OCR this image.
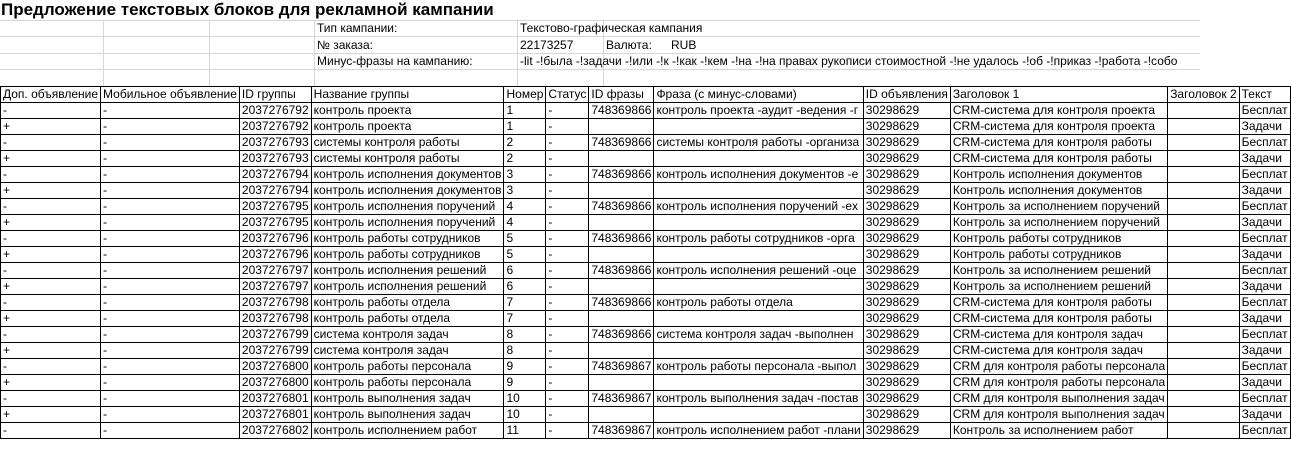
Предложение текстовых блоков для рекламной кампании
Тип кампании:	Текстово-графическая кампания
№ заказа:	22173257	Валюта: RUB
Минус-фразы на кампанию:	-lit -!была -!задачи -!или -!к -!как -!кем -!на -!на правах рукописи стоимостной -!не удалось -!об -!приказ -!работа -!собо
Доп. объявление	Мобильное объявление	ID группы	Название группы	Номер	Статус	ID фразы	Фраза (с минус-словами)	ID объявления	Заголовок 1	Заголовок 2	Текст
-	-	2037276792	контроль проекта	1	-	748369866	контроль проекта -аудит -ведения -г	30298629	CRM-система для контроля проекта		Бесплат
+	-	2037276792	контроль проекта	1	-			30298629	CRM-система для контроля проекта		Задачи
-	-	2037276793	системы контроля работы	2	-	748369866	системы контроля работы -организа	30298629	CRM-система для контроля работы		Бесплат
+	-	2037276793	системы контроля работы	2	-			30298629	CRM-система для контроля работы		Задачи
-	-	2037276794	контроль исполнения документов	3	-	748369866	контроль исполнения документов -е	30298629	Контроль исполнения документов		Бесплат
+	-	2037276794	контроль исполнения документов	3	-			30298629	Контроль исполнения документов		Задачи
-	-	2037276795	контроль исполнения поручений	4	-	748369866	контроль исполнения поручений -ex	30298629	Контроль за исполнением поручений		Бесплат
+	-	2037276795	контроль исполнения поручений	4	-			30298629	Контроль за исполнением поручений		Задачи
-	-	2037276796	контроль работы сотрудников	5	-	748369866	контроль работы сотрудников -орга	30298629	Контроль работы сотрудников		Бесплат
+	-	2037276796	контроль работы сотрудников	5	-			30298629	Контроль работы сотрудников		Задачи
-	-	2037276797	контроль исполнения решений	6	-	748369866	контроль исполнения решений -оце	30298629	Контроль за исполнением решений		Бесплат
+	-	2037276797	контроль исполнения решений	6	-			30298629	Контроль за исполнением решений		Задачи
-	-	2037276798	контроль работы отдела	7	-	748369866	контроль работы отдела	30298629	CRM-система для контроля работы		Бесплат
+	-	2037276798	контроль работы отдела	7	-			30298629	CRM-система для контроля работы		Задачи
-	-	2037276799	система контроля задач	8	-	748369866	система контроля задач -выполнен	30298629	CRM-система для контроля задач		Бесплат
+	-	2037276799	система контроля задач	8	-			30298629	CRM-система для контроля задач		Задачи
-	-	2037276800	контроль работы персонала	9	-	748369867	контроль работы персонала -выпол	30298629	CRM для контроля работы персонала		Бесплат
+	-	2037276800	контроль работы персонала	9	-			30298629	CRM для контроля работы персонала		Задачи
-	-	2037276801	контроль выполнения задач	10	-	748369867	контроль выполнения задач -постав	30298629	CRM для контроля выполнения задач		Бесплат
+	-	2037276801	контроль выполнения задач	10	-			30298629	CRM для контроля выполнения задач		Задачи
-	-	2037276802	контроль исполнением работ	11	-	748369867	контроль исполнением работ -плани	30298629	Контроль за исполнением работ		Бесплат
